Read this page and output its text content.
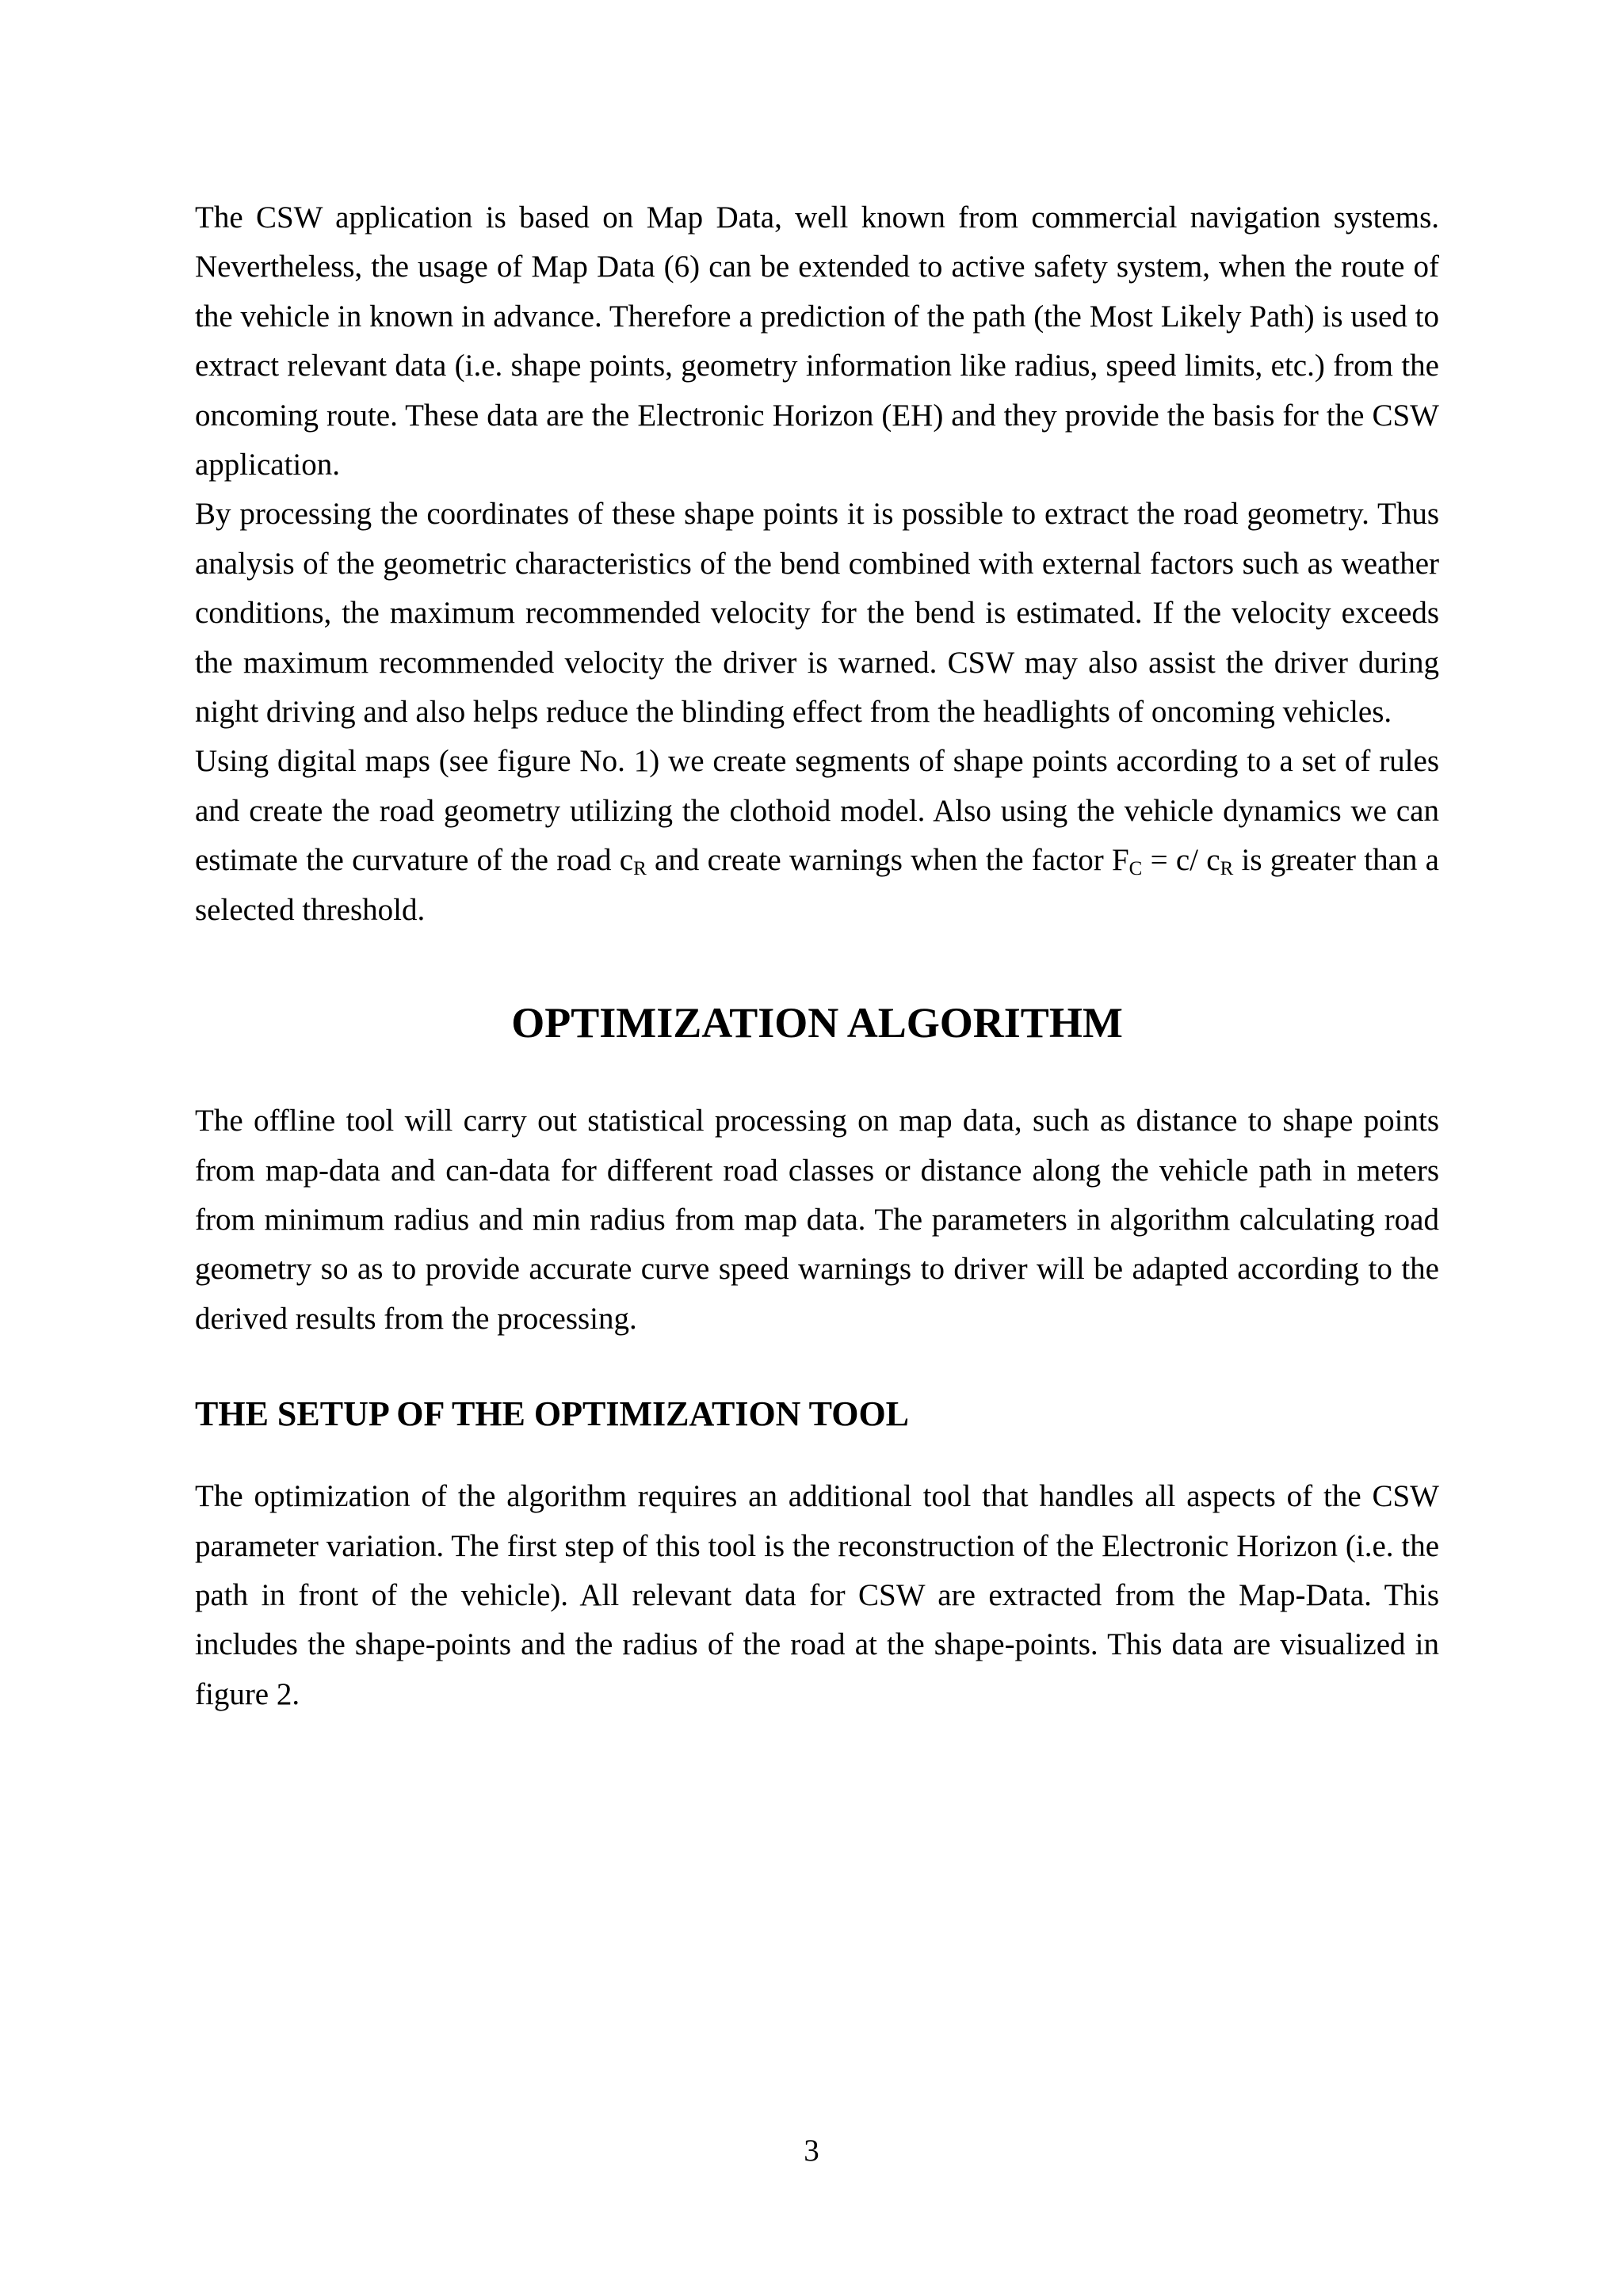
The CSW application is based on Map Data, well known from commercial navigation systems. Nevertheless, the usage of Map Data (6) can be extended to active safety system, when the route of the vehicle in known in advance. Therefore a prediction of the path (the Most Likely Path) is used to extract relevant data (i.e. shape points, geometry information like radius, speed limits, etc.) from the oncoming route. These data are the Electronic Horizon (EH) and they provide the basis for the CSW application.

By processing the coordinates of these shape points it is possible to extract the road geometry. Thus analysis of the geometric characteristics of the bend combined with external factors such as weather conditions, the maximum recommended velocity for the bend is estimated. If the velocity exceeds the maximum recommended velocity the driver is warned. CSW may also assist the driver during night driving and also helps reduce the blinding effect from the headlights of oncoming vehicles.

Using digital maps (see figure No. 1) we create segments of shape points according to a set of rules and create the road geometry utilizing the clothoid model. Also using the vehicle dynamics we can estimate the curvature of the road $c_R$ and create warnings when the factor $F_C = c/$ $c_R$ is greater than a selected threshold.

OPTIMIZATION ALGORITHM

The offline tool will carry out statistical processing on map data, such as distance to shape points from map-data and can-data for different road classes or distance along the vehicle path in meters from minimum radius and min radius from map data. The parameters in algorithm calculating road geometry so as to provide accurate curve speed warnings to driver will be adapted according to the derived results from the processing.

THE SETUP OF THE OPTIMIZATION TOOL

The optimization of the algorithm requires an additional tool that handles all aspects of the CSW parameter variation. The first step of this tool is the reconstruction of the Electronic Horizon (i.e. the path in front of the vehicle). All relevant data for CSW are extracted from the Map-Data. This includes the shape-points and the radius of the road at the shape-points. This data are visualized in figure 2.

3
